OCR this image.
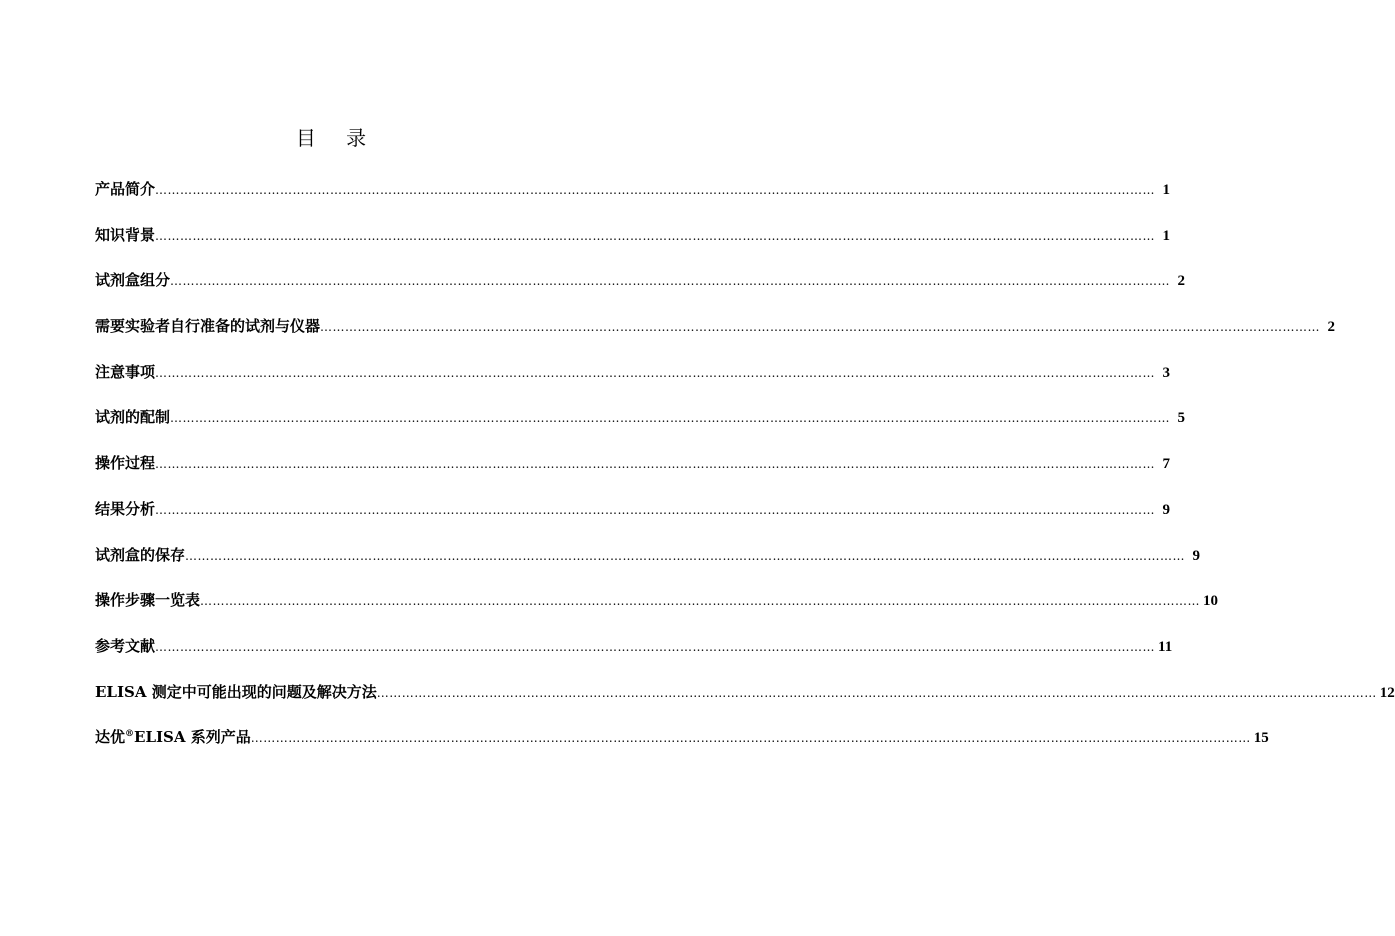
目 录
产品简介 …………………………………………………………………………………………………………………………………………………………………………………………………………………… 1
知识背景 …………………………………………………………………………………………………………………………………………………………………………………………………………………… 1
试剂盒组分 …………………………………………………………………………………………………………………………………………………………………………………………………………………… 2
需要实验者自行准备的试剂与仪器 …………………………………………………………………………………………………………………………………………………………………………………………………………………… 2
注意事项 …………………………………………………………………………………………………………………………………………………………………………………………………………………… 3
试剂的配制 …………………………………………………………………………………………………………………………………………………………………………………………………………………… 5
操作过程 …………………………………………………………………………………………………………………………………………………………………………………………………………………… 7
结果分析 …………………………………………………………………………………………………………………………………………………………………………………………………………………… 9
试剂盒的保存 …………………………………………………………………………………………………………………………………………………………………………………………………………………… 9
操作步骤一览表 …………………………………………………………………………………………………………………………………………………………………………………………………………………… 10
参考文献 …………………………………………………………………………………………………………………………………………………………………………………………………………………… 11
ELISA 测定中可能出现的问题及解决方法 …………………………………………………………………………………………………………………………………………………………………………………………………………………… 12
达优®ELISA 系列产品 …………………………………………………………………………………………………………………………………………………………………………………………………………………… 15
